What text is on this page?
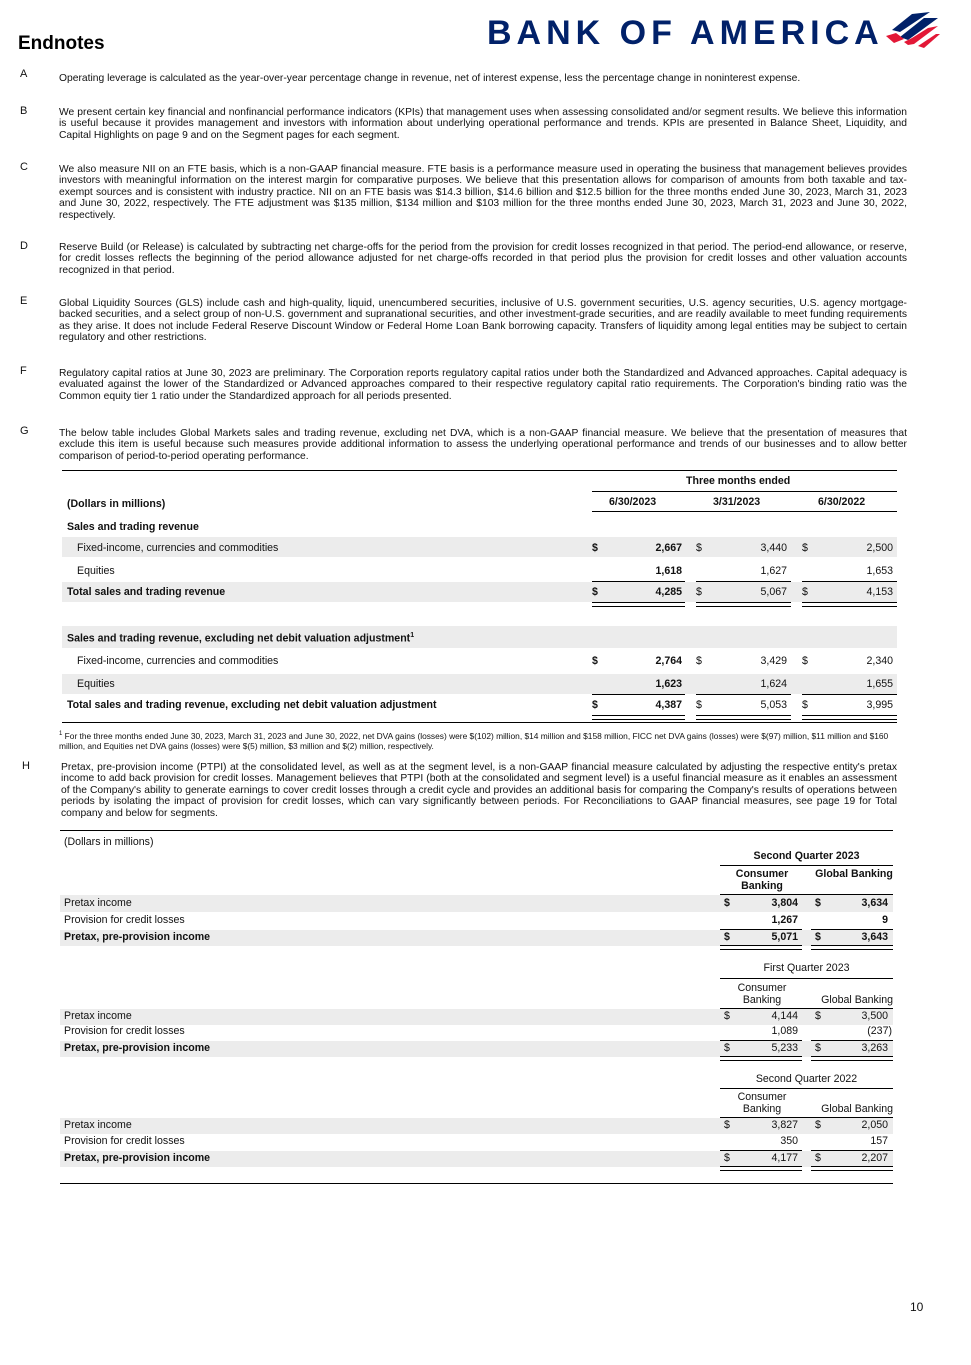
Endnotes	BANK OF AMERICA
A	Operating leverage is calculated as the year-over-year percentage change in revenue, net of interest expense, less the percentage change in noninterest expense.
B	We present certain key financial and nonfinancial performance indicators (KPIs) that management uses when assessing consolidated and/or segment results. We believe this information is useful because it provides management and investors with information about underlying operational performance and trends. KPIs are presented in Balance Sheet, Liquidity, and Capital Highlights on page 9 and on the Segment pages for each segment.
C	We also measure NII on an FTE basis, which is a non-GAAP financial measure. FTE basis is a performance measure used in operating the business that management believes provides investors with meaningful information on the interest margin for comparative purposes. We believe that this presentation allows for comparison of amounts from both taxable and tax-exempt sources and is consistent with industry practice. NII on an FTE basis was $14.3 billion, $14.6 billion and $12.5 billion for the three months ended June 30, 2023, March 31, 2023 and June 30, 2022, respectively. The FTE adjustment was $135 million, $134 million and $103 million for the three months ended June 30, 2023, March 31, 2023 and June 30, 2022, respectively.
D	Reserve Build (or Release) is calculated by subtracting net charge-offs for the period from the provision for credit losses recognized in that period. The period-end allowance, or reserve, for credit losses reflects the beginning of the period allowance adjusted for net charge-offs recorded in that period plus the provision for credit losses and other valuation accounts recognized in that period.
E	Global Liquidity Sources (GLS) include cash and high-quality, liquid, unencumbered securities, inclusive of U.S. government securities, U.S. agency securities, U.S. agency mortgage-backed securities, and a select group of non-U.S. government and supranational securities, and other investment-grade securities, and are readily available to meet funding requirements as they arise. It does not include Federal Reserve Discount Window or Federal Home Loan Bank borrowing capacity. Transfers of liquidity among legal entities may be subject to certain regulatory and other restrictions.
F	Regulatory capital ratios at June 30, 2023 are preliminary. The Corporation reports regulatory capital ratios under both the Standardized and Advanced approaches. Capital adequacy is evaluated against the lower of the Standardized or Advanced approaches compared to their respective regulatory capital ratio requirements. The Corporation's binding ratio was the Common equity tier 1 ratio under the Standardized approach for all periods presented.
G	The below table includes Global Markets sales and trading revenue, excluding net DVA, which is a non-GAAP financial measure. We believe that the presentation of measures that exclude this item is useful because such measures provide additional information to assess the underlying operational performance and trends of our businesses and to allow better comparison of period-to-period operating performance.
Three months ended
(Dollars in millions)	6/30/2023	3/31/2023	6/30/2022
Sales and trading revenue
Fixed-income, currencies and commodities	$	2,667 $	3,440 $	2,500
Equities	1,618	1,627	1,653
Total sales and trading revenue	$	4,285 $	5,067 $	4,153
Sales and trading revenue, excluding net debit valuation adjustment$^1$
Fixed-income, currencies and commodities	$	2,764 $	3,429 $	2,340
Equities	1,623	1,624	1,655
Total sales and trading revenue, excluding net debit valuation adjustment	$	4,387 $	5,053 $	3,995
$^1$ For the three months ended June 30, 2023, March 31, 2023 and June 30, 2022, net DVA gains (losses) were $(102) million, $14 million and $158 million, FICC net DVA gains (losses) were $(97) million, $11 million and $160 million, and Equities net DVA gains (losses) were $(5) million, $3 million and $(2) million, respectively.
H	Pretax, pre-provision income (PTPI) at the consolidated level, as well as at the segment level, is a non-GAAP financial measure calculated by adjusting the respective entity's pretax income to add back provision for credit losses. Management believes that PTPI (both at the consolidated and segment level) is a useful financial measure as it enables an assessment of the Company's ability to generate earnings to cover credit losses through a credit cycle and provides an additional basis for comparing the Company's results of operations between periods by isolating the impact of provision for credit losses, which can vary significantly between periods. For Reconciliations to GAAP financial measures, see page 19 for Total company and below for segments.
(Dollars in millions)
Second Quarter 2023
Consumer Banking
Global Banking
Pretax income	$	3,804 $	3,634
Provision for credit losses	1,267	9
Pretax, pre-provision income	$	5,071 $	3,643
First Quarter 2023
Consumer Banking	Global Banking
Pretax income	$	4,144 $	3,500
Provision for credit losses	1,089	(237)
Pretax, pre-provision income	$	5,233 $	3,263
Second Quarter 2022
Consumer Banking	Global Banking
Pretax income	$	3,827 $	2,050
Provision for credit losses	350	157
Pretax, pre-provision income	$	4,177 $	2,207
10
